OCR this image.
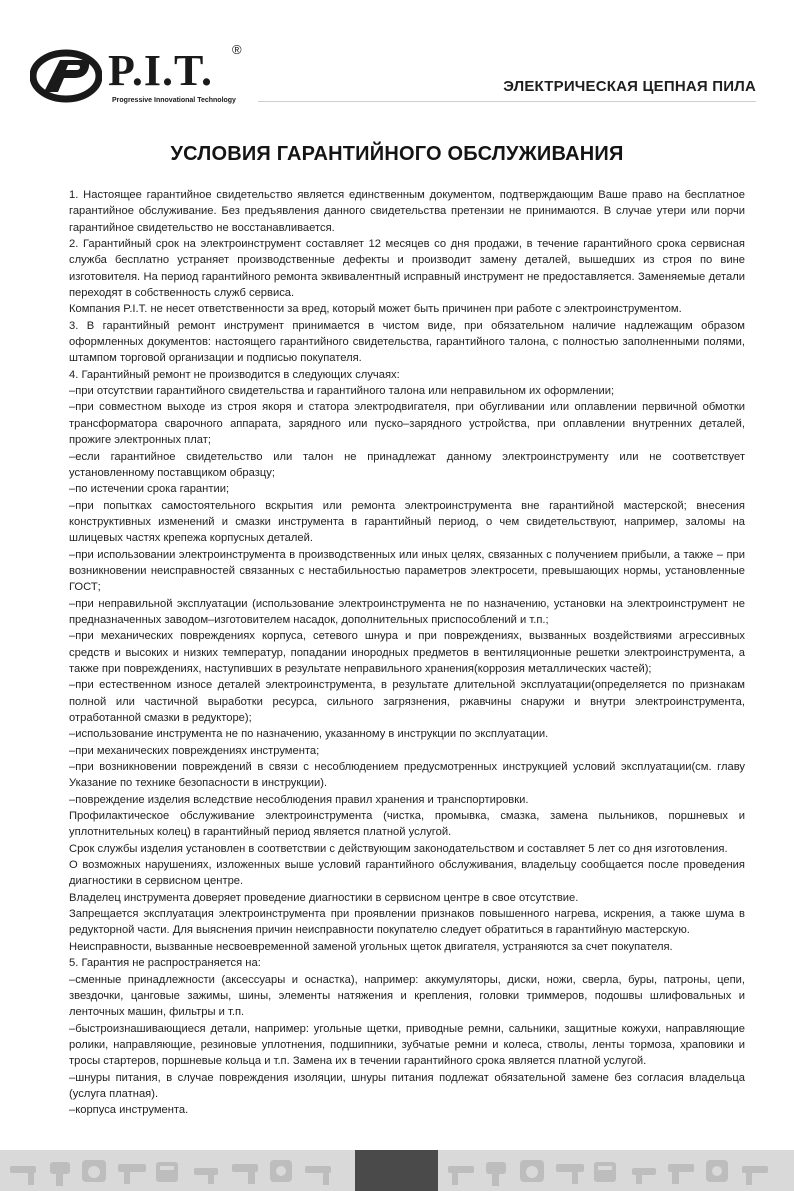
P.I.T. ®
Progressive Innovational Technology
ЭЛЕКТРИЧЕСКАЯ ЦЕПНАЯ ПИЛА
УСЛОВИЯ ГАРАНТИЙНОГО ОБСЛУЖИВАНИЯ

1. Настоящее гарантийное свидетельство является единственным документом, подтверждающим Ваше право на бесплатное гарантийное обслуживание. Без предъявления данного свидетельства претензии не принимаются. В случае утери или порчи гарантийное свидетельство не восстанавливается.

2. Гарантийный срок на электроинструмент составляет 12 месяцев со дня продажи, в течение гарантийного срока сервисная служба бесплатно устраняет производственные дефекты и производит замену деталей, вышедших из строя по вине изготовителя. На период гарантийного ремонта эквивалентный исправный инструмент не предоставляется. Заменяемые детали переходят в собственность служб сервиса.

Компания P.I.T. не несет ответственности за вред, который может быть причинен при работе с электроинструментом.

3. В гарантийный ремонт инструмент принимается в чистом виде, при обязательном наличие надлежащим образом оформленных документов: настоящего гарантийного свидетельства, гарантийного талона, с полностью заполненными полями, штампом торговой организации и подписью покупателя.

4. Гарантийный ремонт не производится в следующих случаях:

–при отсутствии гарантийного свидетельства и гарантийного талона или неправильном их оформлении;

–при совместном выходе из строя якоря и статора электродвигателя, при обугливании или оплавлении первичной обмотки трансформатора сварочного аппарата, зарядного или пуско–зарядного устройства, при оплавлении внутренних деталей, прожиге электронных плат;

–если гарантийное свидетельство или талон не принадлежат данному электроинструменту или не соответствует установленному поставщиком образцу;

–по истечении срока гарантии;

–при попытках самостоятельного вскрытия или ремонта электроинструмента вне гарантийной мастерской; внесения конструктивных изменений и смазки инструмента в гарантийный период, о чем свидетельствуют, например, заломы на шлицевых частях крепежа корпусных деталей.

–при использовании электроинструмента в производственных или иных целях, связанных с получением прибыли, а также – при возникновении неисправностей связанных с нестабильностью параметров электросети, превышающих нормы, установленные ГОСТ;

–при неправильной эксплуатации (использование электроинструмента не по назначению, установки на электроинструмент не предназначенных заводом–изготовителем насадок, дополнительных приспособлений и т.п.;

–при механических повреждениях корпуса, сетевого шнура и при повреждениях, вызванных воздействиями агрессивных средств и высоких и низких температур, попадании инородных предметов в вентиляционные решетки электроинструмента, а также при повреждениях, наступивших в результате неправильного хранения(коррозия металлических частей);

–при естественном износе деталей электроинструмента, в результате длительной эксплуатации(определяется по признакам полной или частичной выработки ресурса, сильного загрязнения, ржавчины снаружи и внутри электроинструмента, отработанной смазки в редукторе);

–использование инструмента не по назначению, указанному в инструкции по эксплуатации.

–при механических повреждениях инструмента;

–при возникновении повреждений в связи с несоблюдением предусмотренных инструкцией условий эксплуатации(см. главу Указание по технике безопасности в инструкции).

–повреждение изделия вследствие несоблюдения правил хранения и транспортировки.

Профилактическое обслуживание электроинструмента (чистка, промывка, смазка, замена пыльников, поршневых и уплотнительных колец) в гарантийный период является платной услугой.

Срок службы изделия установлен в соответствии с действующим законодательством и составляет 5 лет со дня изготовления.

О возможных нарушениях, изложенных выше условий гарантийного обслуживания, владельцу сообщается после проведения диагностики в сервисном центре.

Владелец инструмента доверяет проведение диагностики в сервисном центре в свое отсутствие.

Запрещается эксплуатация электроинструмента при проявлении признаков повышенного нагрева, искрения, а также шума в редукторной части. Для выяснения причин неисправности покупателю следует обратиться в гарантийную мастерскую.

Неисправности, вызванные несвоевременной заменой угольных щеток двигателя, устраняются за счет покупателя.

5. Гарантия не распространяется на:

–сменные принадлежности (аксессуары и оснастка), например: аккумуляторы, диски, ножи, сверла, буры, патроны, цепи, звездочки, цанговые зажимы, шины, элементы натяжения и крепления, головки триммеров, подошвы шлифовальных и ленточных машин, фильтры и т.п.

–быстроизнашивающиеся детали, например: угольные щетки, приводные ремни, сальники, защитные кожухи, направляющие ролики, направляющие, резиновые уплотнения, подшипники, зубчатые ремни и колеса, стволы, ленты тормоза, храповики и тросы стартеров, поршневые кольца и т.п. Замена их в течении гарантийного срока является платной услугой.

–шнуры питания, в случае повреждения изоляции, шнуры питания подлежат обязательной замене без согласия владельца (услуга платная).

–корпуса инструмента.
